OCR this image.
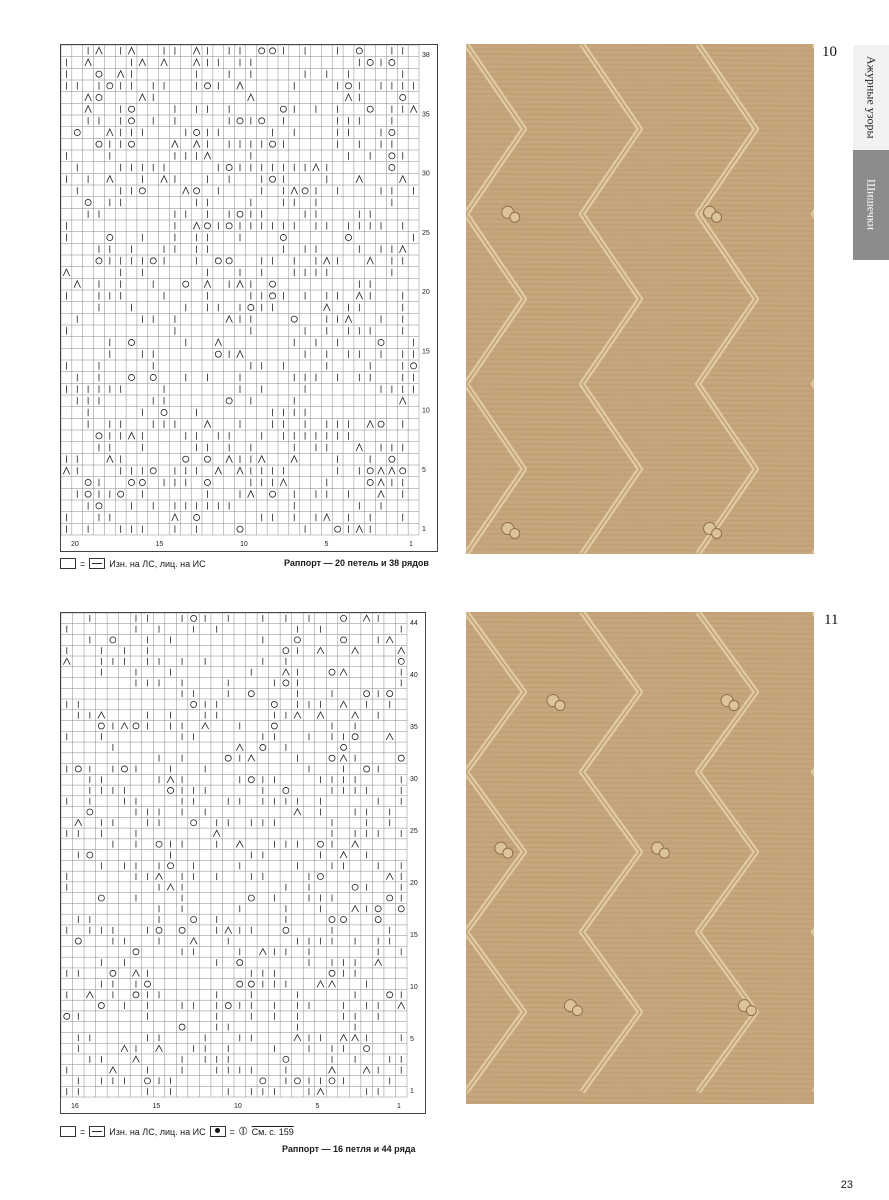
Ажурные узоры
Шишечки
38
35
30
25
20
15
10
5
1
20	15	10	5	1
10
=	Изн. на ЛС, лиц. на ИС	Раппорт — 20 петель и 38 рядов
44
40
35
30
25
20
15
10
5
1
16	15	10	5	1
11
=	Изн. на ЛС, лиц. на ИС	= ⦶ См. с. 159
Раппорт — 16 петля и 44 ряда
23
